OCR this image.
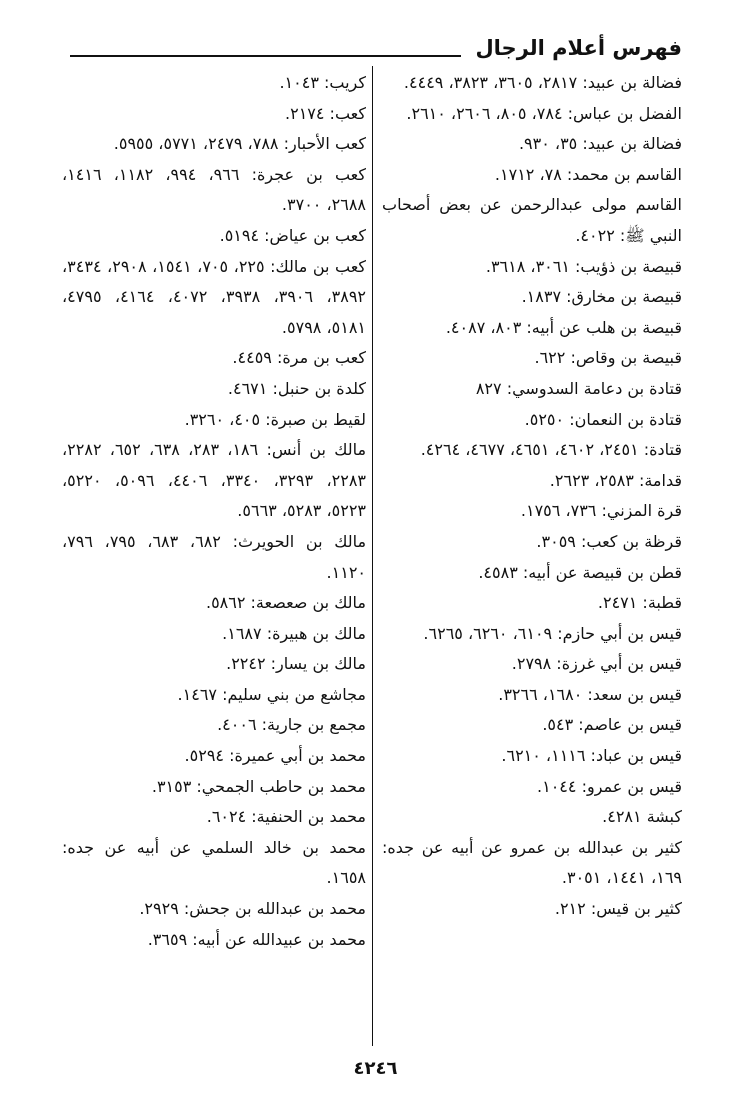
فهرس أعلام الرجال

فضالة بن عبيد: ٢٨١٧، ٣٦٠٥، ٣٨٢٣، ٤٤٤٩.

الفضل بن عباس: ٧٨٤، ٨٠٥، ٢٦٠٦، ٢٦١٠.

فضالة بن عبيد: ٣٥، ٩٣٠.

القاسم بن محمد: ٧٨، ١٧١٢.

القاسم مولى عبدالرحمن عن بعض أصحاب النبي ﷺ: ٤٠٢٢.

قبيصة بن ذؤيب: ٣٠٦١، ٣٦١٨.

قبيصة بن مخارق: ١٨٣٧.

قبيصة بن هلب عن أبيه: ٨٠٣، ٤٠٨٧.

قبيصة بن وقاص: ٦٢٢.

قتادة بن دعامة السدوسي: ٨٢٧

قتادة بن النعمان: ٥٢٥٠.

قتادة: ٢٤٥١، ٤٦٠٢، ٤٦٥١، ٤٦٧٧، ٤٢٦٤.

قدامة: ٢٥٨٣، ٢٦٢٣.

قرة المزني: ٧٣٦، ١٧٥٦.

قرظة بن كعب: ٣٠٥٩.

قطن بن قبيصة عن أبيه: ٤٥٨٣.

قطبة: ٢٤٧١.

قيس بن أبي حازم: ٦١٠٩، ٦٢٦٠، ٦٢٦٥.

قيس بن أبي غرزة: ٢٧٩٨.

قيس بن سعد: ١٦٨٠، ٣٢٦٦.

قيس بن عاصم: ٥٤٣.

قيس بن عباد: ١١١٦، ٦٢١٠.

قيس بن عمرو: ١٠٤٤.

كبشة ٤٢٨١.

كثير بن عبدالله بن عمرو عن أبيه عن جده: ١٦٩، ١٤٤١، ٣٠٥١.

كثير بن قيس: ٢١٢.

كريب: ١٠٤٣.

كعب: ٢١٧٤.

كعب الأحبار: ٧٨٨، ٢٤٧٩، ٥٧٧١، ٥٩٥٥.

كعب بن عجرة: ٩٦٦، ٩٩٤، ١١٨٢، ١٤١٦، ٢٦٨٨، ٣٧٠٠.

كعب بن عياض: ٥١٩٤.

كعب بن مالك: ٢٢٥، ٧٠٥، ١٥٤١، ٢٩٠٨، ٣٤٣٤، ٣٨٩٢، ٣٩٠٦، ٣٩٣٨، ٤٠٧٢، ٤١٦٤، ٤٧٩٥، ٥١٨١، ٥٧٩٨.

كعب بن مرة: ٤٤٥٩.

كلدة بن حنبل: ٤٦٧١.

لقيط بن صبرة: ٤٠٥، ٣٢٦٠.

مالك بن أنس: ١٨٦، ٢٨٣، ٦٣٨، ٦٥٢، ٢٢٨٢، ٢٢٨٣، ٣٢٩٣، ٣٣٤٠، ٤٤٠٦، ٥٠٩٦، ٥٢٢٠، ٥٢٢٣، ٥٢٨٣، ٥٦٦٣.

مالك بن الحويرث: ٦٨٢، ٦٨٣، ٧٩٥، ٧٩٦، ١١٢٠.

مالك بن صعصعة: ٥٨٦٢.

مالك بن هبيرة: ١٦٨٧.

مالك بن يسار: ٢٢٤٢.

مجاشع من بني سليم: ١٤٦٧.

مجمع بن جارية: ٤٠٠٦.

محمد بن أبي عميرة: ٥٢٩٤.

محمد بن حاطب الجمحي: ٣١٥٣.

محمد بن الحنفية: ٦٠٢٤.

محمد بن خالد السلمي عن أبيه عن جده: ١٦٥٨.

محمد بن عبدالله بن جحش: ٢٩٢٩.

محمد بن عبيدالله عن أبيه: ٣٦٥٩.

٤٢٤٦
